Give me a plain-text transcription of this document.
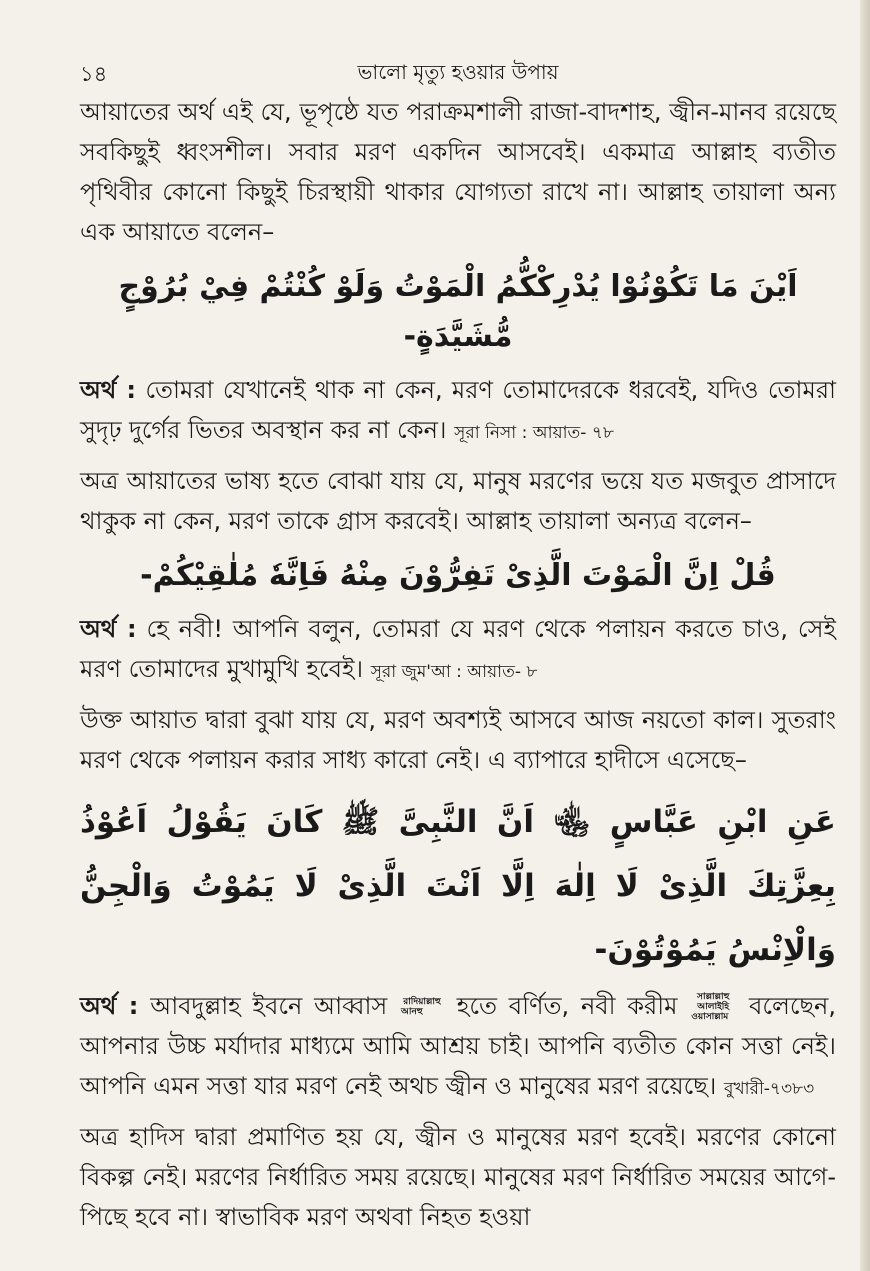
১৪	ভালো মৃত্যু হওয়ার উপায়

আয়াতের অর্থ এই যে, ভূপৃষ্ঠে যত পরাক্রমশালী রাজা-বাদশাহ, জ্বীন-মানব রয়েছে সবকিছুই ধ্বংসশীল। সবার মরণ একদিন আসবেই। একমাত্র আল্লাহ ব্যতীত পৃথিবীর কোনো কিছুই চিরস্থায়ী থাকার যোগ্যতা রাখে না। আল্লাহ তায়ালা অন্য এক আয়াতে বলেন–

اَيْنَ مَا تَكُوْنُوْا يُدْرِكْكُّمُ الْمَوْتُ وَلَوْ كُنْتُمْ فِيْ بُرُوْجٍ مُّشَيَّدَةٍ-

অর্থ : তোমরা যেখানেই থাক না কেন, মরণ তোমাদেরকে ধরবেই, যদিও তোমরা সুদৃঢ় দুর্গের ভিতর অবস্থান কর না কেন। সূরা নিসা : আয়াত- ৭৮

অত্র আয়াতের ভাষ্য হতে বোঝা যায় যে, মানুষ মরণের ভয়ে যত মজবুত প্রাসাদে থাকুক না কেন, মরণ তাকে গ্রাস করবেই। আল্লাহ তায়ালা অন্যত্র বলেন–

قُلْ اِنَّ الْمَوْتَ الَّذِىْ تَفِرُّوْنَ مِنْهُ فَاِنَّهٗ مُلٰقِيْكُمْ-

অর্থ : হে নবী! আপনি বলুন, তোমরা যে মরণ থেকে পলায়ন করতে চাও, সেই মরণ তোমাদের মুখামুখি হবেই। সূরা জুম'আ : আয়াত- ৮

উক্ত আয়াত দ্বারা বুঝা যায় যে, মরণ অবশ্যই আসবে আজ নয়তো কাল। সুতরাং মরণ থেকে পলায়ন করার সাধ্য কারো নেই। এ ব্যাপারে হাদীসে এসেছে–

عَنِ ابْنِ عَبَّاسٍ ﵄ اَنَّ النَّبِىَّ ﷺ كَانَ يَقُوْلُ اَعُوْذُ بِعِزَّتِكَ الَّذِىْ لَا اِلٰهَ اِلَّا اَنْتَ الَّذِىْ لَا يَمُوْتُ وَالْجِنُّ وَالْاِنْسُ يَمُوْتُوْنَ-

অর্থ : আবদুল্লাহ ইবনে আব্বাস রাদিয়াল্লাহু আনহু হতে বর্ণিত, নবী করীম সাল্লাল্লাহু আলাইহি ওয়াসাল্লাম বলেছেন, আপনার উচ্চ মর্যাদার মাধ্যমে আমি আশ্রয় চাই। আপনি ব্যতীত কোন সত্তা নেই। আপনি এমন সত্তা যার মরণ নেই অথচ জ্বীন ও মানুষের মরণ রয়েছে। বুখারী-৭৩৮৩

অত্র হাদিস দ্বারা প্রমাণিত হয় যে, জ্বীন ও মানুষের মরণ হবেই। মরণের কোনো বিকল্প নেই। মরণের নির্ধারিত সময় রয়েছে। মানুষের মরণ নির্ধারিত সময়ের আগে-পিছে হবে না। স্বাভাবিক মরণ অথবা নিহত হওয়া
